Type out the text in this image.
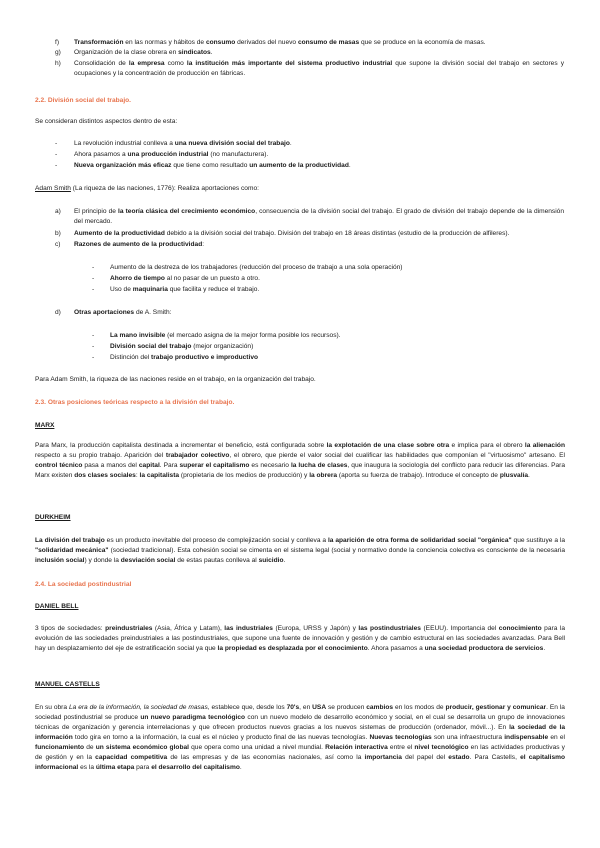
f) Transformación en las normas y hábitos de consumo derivados del nuevo consumo de masas que se produce en la economía de masas.
g) Organización de la clase obrera en sindicatos.
h) Consolidación de la empresa como la institución más importante del sistema productivo industrial que supone la división social del trabajo en sectores y ocupaciones y la concentración de producción en fábricas.
2.2. División social del trabajo.
Se consideran distintos aspectos dentro de esta:
-	La revolución industrial conlleva a una nueva división social del trabajo.
-	Ahora pasamos a una producción industrial (no manufacturera).
-	Nueva organización más eficaz que tiene como resultado un aumento de la productividad.
Adam Smith (La riqueza de las naciones, 1776): Realiza aportaciones como:
a) El principio de la teoría clásica del crecimiento económico, consecuencia de la división social del trabajo. El grado de división del trabajo depende de la dimensión del mercado.
b) Aumento de la productividad debido a la división social del trabajo. División del trabajo en 18 áreas distintas (estudio de la producción de alfileres).
c) Razones de aumento de la productividad:
- Aumento de la destreza de los trabajadores (reducción del proceso de trabajo a una sola operación)
- Ahorro de tiempo al no pasar de un puesto a otro.
- Uso de maquinaria que facilita y reduce el trabajo.
d) Otras aportaciones de A. Smith:
- La mano invisible (el mercado asigna de la mejor forma posible los recursos).
- División social del trabajo (mejor organización)
- Distinción del trabajo productivo e improductivo
Para Adam Smith, la riqueza de las naciones reside en el trabajo, en la organización del trabajo.
2.3. Otras posiciones teóricas respecto a la división del trabajo.
MARX
Para Marx, la producción capitalista destinada a incrementar el beneficio, está configurada sobre la explotación de una clase sobre otra e implica para el obrero la alienación respecto a su propio trabajo. Aparición del trabajador colectivo, el obrero, que pierde el valor social del cualificar las habilidades que componían el "virtuosismo" artesano. El control técnico pasa a manos del capital. Para superar el capitalismo es necesario la lucha de clases, que inaugura la sociología del conflicto para reducir las diferencias. Para Marx existen dos clases sociales: la capitalista (propietaria de los medios de producción) y la obrera (aporta su fuerza de trabajo). Introduce el concepto de plusvalía.
DURKHEIM
La división del trabajo es un producto inevitable del proceso de complejización social y conlleva a la aparición de otra forma de solidaridad social "orgánica" que sustituye a la "solidaridad mecánica" (sociedad tradicional). Esta cohesión social se cimenta en el sistema legal (social y normativo donde la conciencia colectiva es consciente de la necesaria inclusión social) y donde la desviación social de estas pautas conlleva al suicidio.
2.4. La sociedad postindustrial
DANIEL BELL
3 tipos de sociedades: preindustriales (Asia, África y Latam), las industriales (Europa, URSS y Japón) y las postindustriales (EEUU). Importancia del conocimiento para la evolución de las sociedades preindustriales a las postindustriales, que supone una fuente de innovación y gestión y de cambio estructural en las sociedades avanzadas. Para Bell hay un desplazamiento del eje de estratificación social ya que la propiedad es desplazada por el conocimiento. Ahora pasamos a una sociedad productora de servicios.
MANUEL CASTELLS
En su obra La era de la información, la sociedad de masas, establece que, desde los 70's, en USA se producen cambios en los modos de producir, gestionar y comunicar. En la sociedad postindustrial se produce un nuevo paradigma tecnológico con un nuevo modelo de desarrollo económico y social, en el cual se desarrolla un grupo de innovaciones técnicas de organización y gerencia interrelacionas y que ofrecen productos nuevos gracias a los nuevos sistemas de producción (ordenador, móvil...). En la sociedad de la información todo gira en torno a la información, la cual es el núcleo y producto final de las nuevas tecnologías. Nuevas tecnologías son una infraestructura indispensable en el funcionamiento de un sistema económico global que opera como una unidad a nivel mundial. Relación interactiva entre el nivel tecnológico en las actividades productivas y de gestión y en la capacidad competitiva de las empresas y de las economías nacionales, así como la importancia del papel del estado. Para Castells, el capitalismo informacional es la última etapa para el desarrollo del capitalismo.
